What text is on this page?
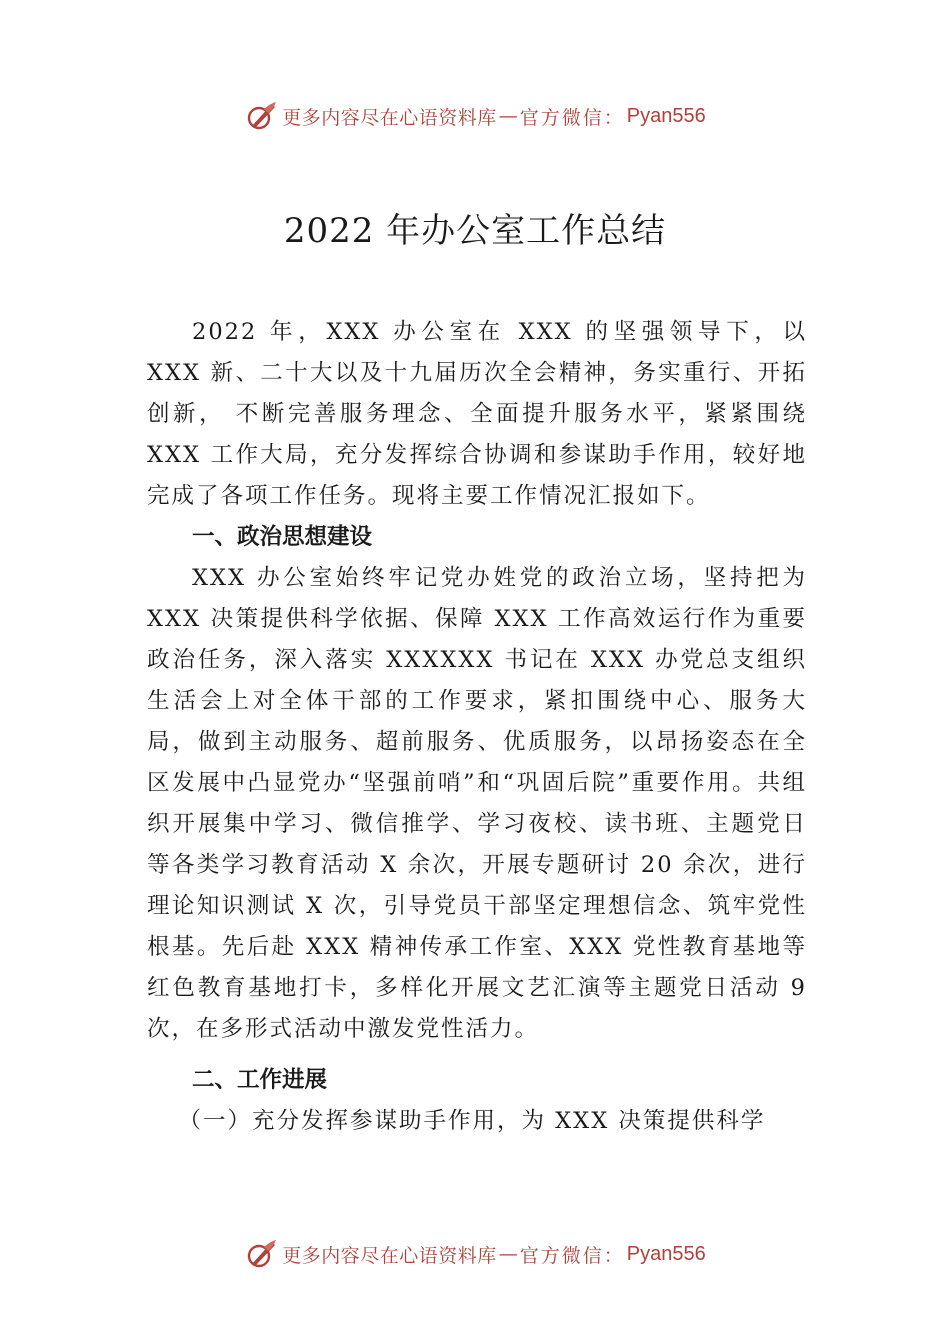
更多内容尽在心语资料库 — 官方微信： Pyan556
2022 年办公室工作总结

2022 年，XXX 办公室在 XXX 的坚强领导下，以 XXX 新、二十大以及十九届历次全会精神，务实重行、开拓创新， 不断完善服务理念、全面提升服务水平，紧紧围绕 XXX 工作大局，充分发挥综合协调和参谋助手作用，较好地完成了各项工作任务。现将主要工作情况汇报如下。

一、政治思想建设

XXX 办公室始终牢记党办姓党的政治立场，坚持把为 XXX 决策提供科学依据、保障 XXX 工作高效运行作为重要政治任务，深入落实 XXXXXX 书记在 XXX 办党总支组织生活会上对全体干部的工作要求，紧扣围绕中心、服务大局，做到主动服务、超前服务、优质服务，以昂扬姿态在全区发展中凸显党办“坚强前哨”和“巩固后院”重要作用。共组织开展集中学习、微信推学、学习夜校、读书班、主题党日等各类学习教育活动 X 余次，开展专题研讨 20 余次，进行理论知识测试 X 次，引导党员干部坚定理想信念、筑牢党性根基。先后赴 XXX 精神传承工作室、XXX 党性教育基地等红色教育基地打卡，多样化开展文艺汇演等主题党日活动 9 次，在多形式活动中激发党性活力。

二、工作进展

（一）充分发挥参谋助手作用，为 XXX 决策提供科学

更多内容尽在心语资料库 — 官方微信： Pyan556
